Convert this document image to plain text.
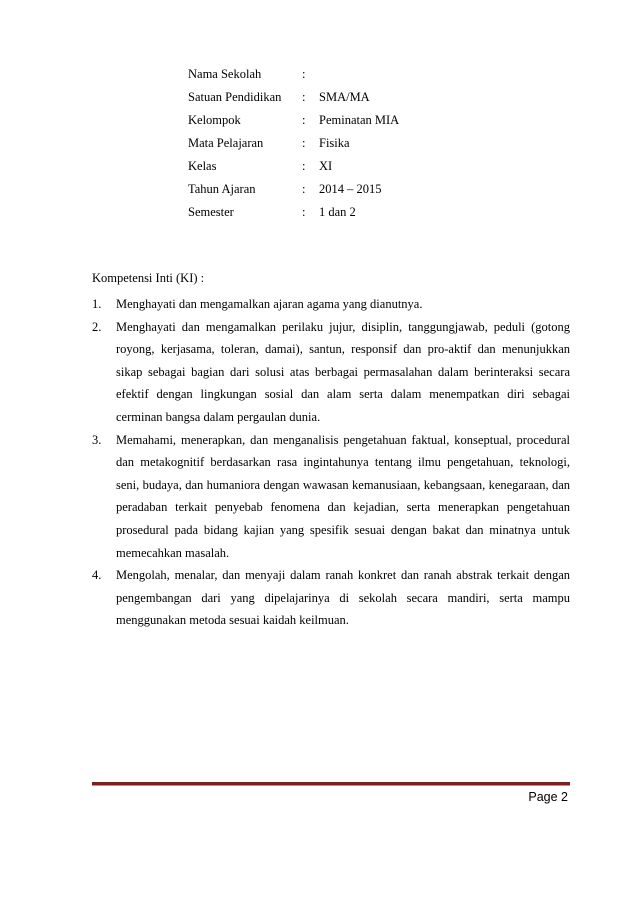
Nama Sekolah	:
Satuan Pendidikan : SMA/MA
Kelompok	: Peminatan MIA
Mata Pelajaran	: Fisika
Kelas	: XI
Tahun Ajaran	: 2014 – 2015
Semester	: 1 dan 2
Kompetensi Inti (KI) :
1. Menghayati dan mengamalkan ajaran agama yang dianutnya.
2. Menghayati dan mengamalkan perilaku jujur, disiplin, tanggungjawab, peduli (gotong royong, kerjasama, toleran, damai), santun, responsif dan pro-aktif dan menunjukkan sikap sebagai bagian dari solusi atas berbagai permasalahan dalam berinteraksi secara efektif dengan lingkungan sosial dan alam serta dalam menempatkan diri sebagai cerminan bangsa dalam pergaulan dunia.
3. Memahami, menerapkan, dan menganalisis pengetahuan faktual, konseptual, procedural dan metakognitif berdasarkan rasa ingintahunya tentang ilmu pengetahuan, teknologi, seni, budaya, dan humaniora dengan wawasan kemanusiaan, kebangsaan, kenegaraan, dan peradaban terkait penyebab fenomena dan kejadian, serta menerapkan pengetahuan prosedural pada bidang kajian yang spesifik sesuai dengan bakat dan minatnya untuk memecahkan masalah.
4. Mengolah, menalar, dan menyaji dalam ranah konkret dan ranah abstrak terkait dengan pengembangan dari yang dipelajarinya di sekolah secara mandiri, serta mampu menggunakan metoda sesuai kaidah keilmuan.
Page 2
